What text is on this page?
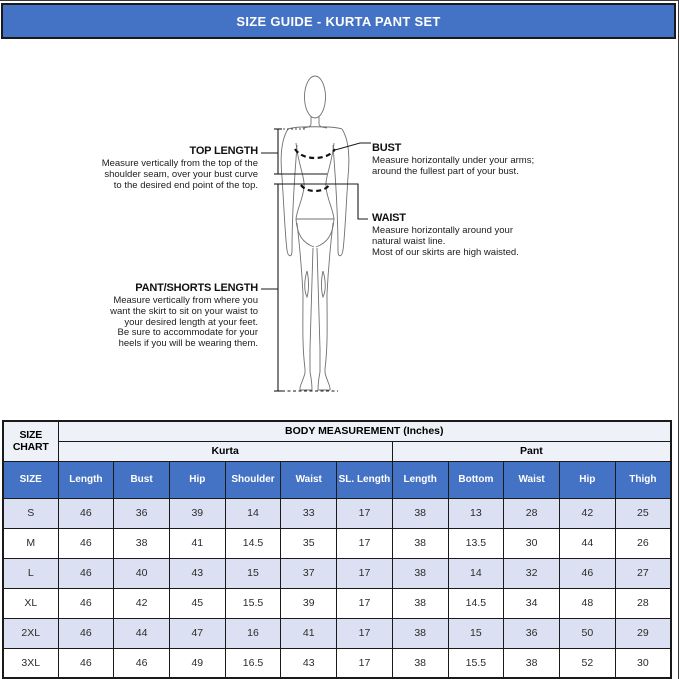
SIZE GUIDE - KURTA PANT SET
TOP LENGTH
Measure vertically from the top of the
shoulder seam, over your bust curve
to the desired end point of the top.
BUST
Measure horizontally under your arms;
around the fullest part of your bust.
WAIST
Measure horizontally around your
natural waist line.
Most of our skirts are high waisted.
PANT/SHORTS LENGTH
Measure vertically from where you
want the skirt to sit on your waist to
your desired length at your feet.
Be sure to accommodate for your
heels if you will be wearing them.
SIZE CHART	BODY MEASUREMENT (Inches)										
	Kurta						Pant				
SIZE	Length	Bust	Hip	Shoulder	Waist	SL. Length	Length	Bottom	Waist	Hip	Thigh
S	46	36	39	14	33	17	38	13	28	42	25
M	46	38	41	14.5	35	17	38	13.5	30	44	26
L	46	40	43	15	37	17	38	14	32	46	27
XL	46	42	45	15.5	39	17	38	14.5	34	48	28
2XL	46	44	47	16	41	17	38	15	36	50	29
3XL	46	46	49	16.5	43	17	38	15.5	38	52	30
